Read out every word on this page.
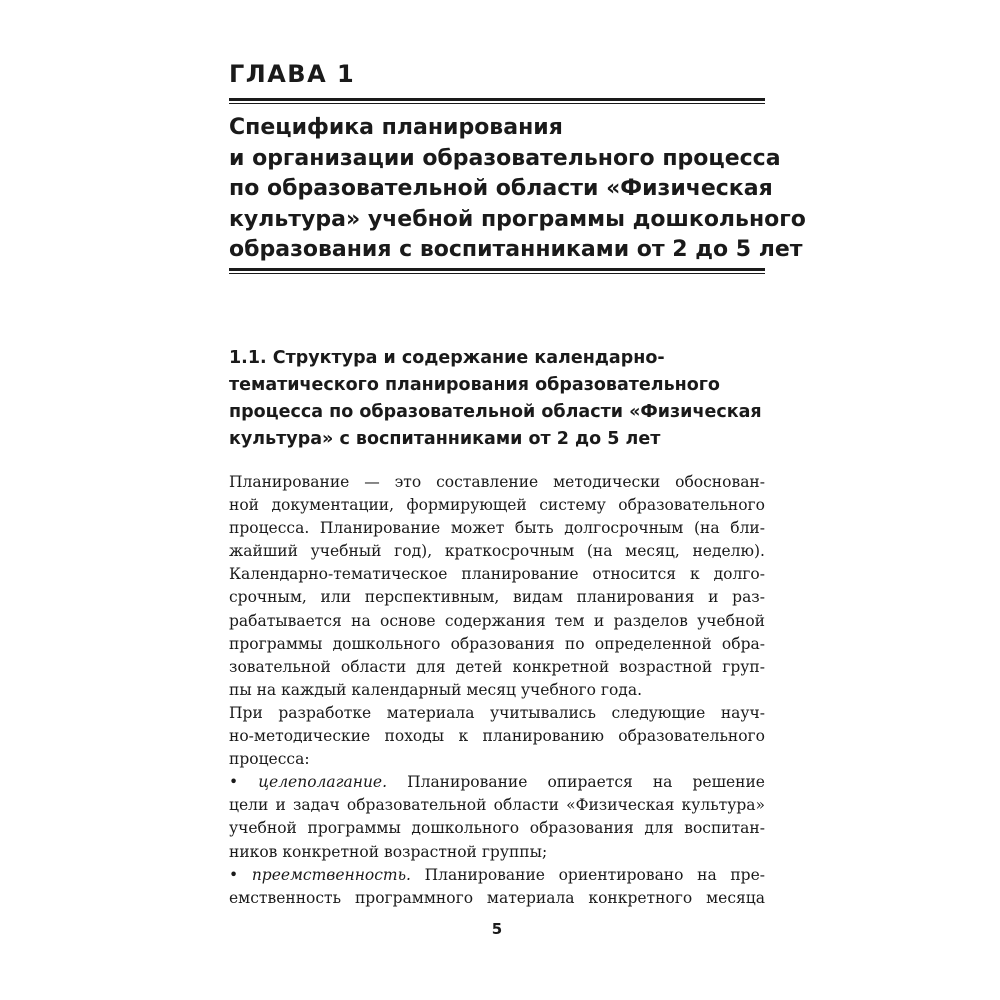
ГЛАВА 1
Специфика планирования
и организации образовательного процесса
по образовательной области «Физическая
культура» учебной программы дошкольного
образования с воспитанниками от 2 до 5 лет
1.1. Структура и содержание календарно-
тематического планирования образовательного
процесса по образовательной области «Физическая
культура» с воспитанниками от 2 до 5 лет
Планирование — это составление методически обоснован-
ной документации, формирующей систему образовательного
процесса. Планирование может быть долгосрочным (на бли-
жайший учебный год), краткосрочным (на месяц, неделю).
Календарно-тематическое планирование относится к долго-
срочным, или перспективным, видам планирования и раз-
рабатывается на основе содержания тем и разделов учебной
программы дошкольного образования по определенной обра-
зовательной области для детей конкретной возрастной груп-
пы на каждый календарный месяц учебного года.
При разработке материала учитывались следующие науч-
но-методические походы к планированию образовательного
процесса:
• целеполагание. Планирование опирается на решение
цели и задач образовательной области «Физическая культура»
учебной программы дошкольного образования для воспитан-
ников конкретной возрастной группы;
• преемственность. Планирование ориентировано на пре-
емственность программного материала конкретного месяца
5
